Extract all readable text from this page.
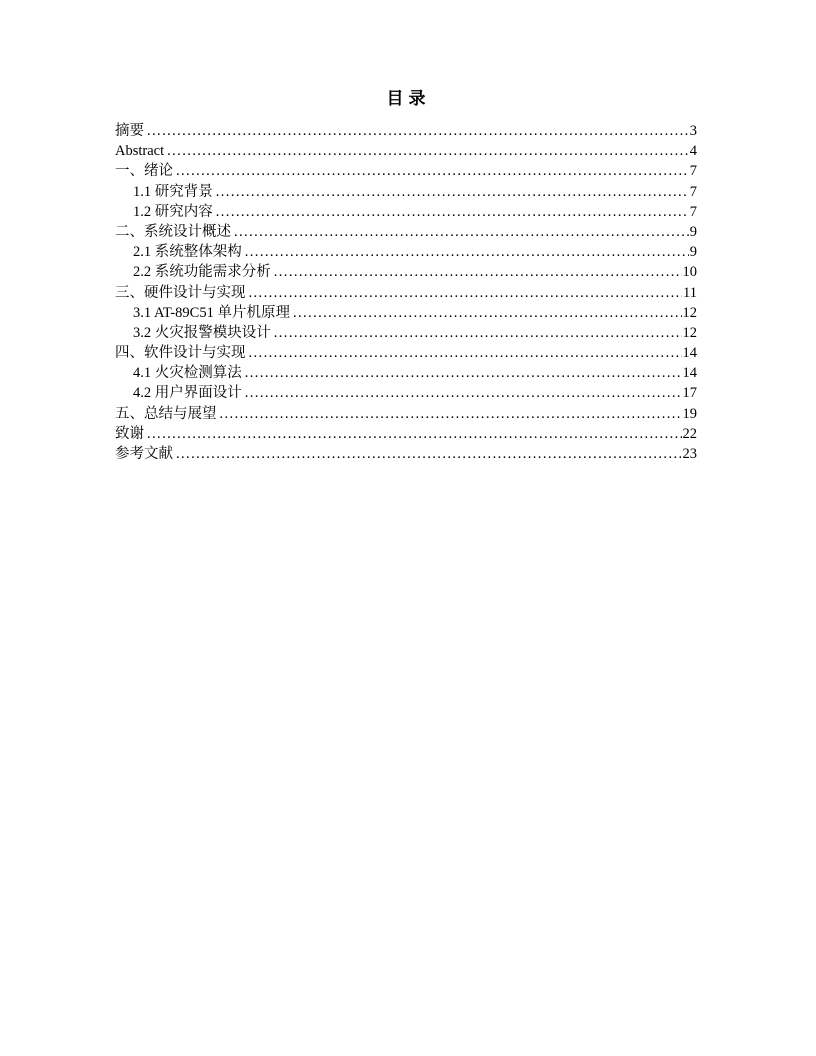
目录
摘要 .....	3
Abstract .....	4
一、绪论 .....	7
1.1 研究背景 .....	7
1.2 研究内容 .....	7
二、系统设计概述 .....	9
2.1 系统整体架构 .....	9
2.2 系统功能需求分析 .....	10
三、硬件设计与实现 .....	11
3.1 AT-89C51 单片机原理 .....	12
3.2 火灾报警模块设计 .....	12
四、软件设计与实现 .....	14
4.1 火灾检测算法 .....	14
4.2 用户界面设计 .....	17
五、总结与展望 .....	19
致谢 .....	22
参考文献 .....	23
